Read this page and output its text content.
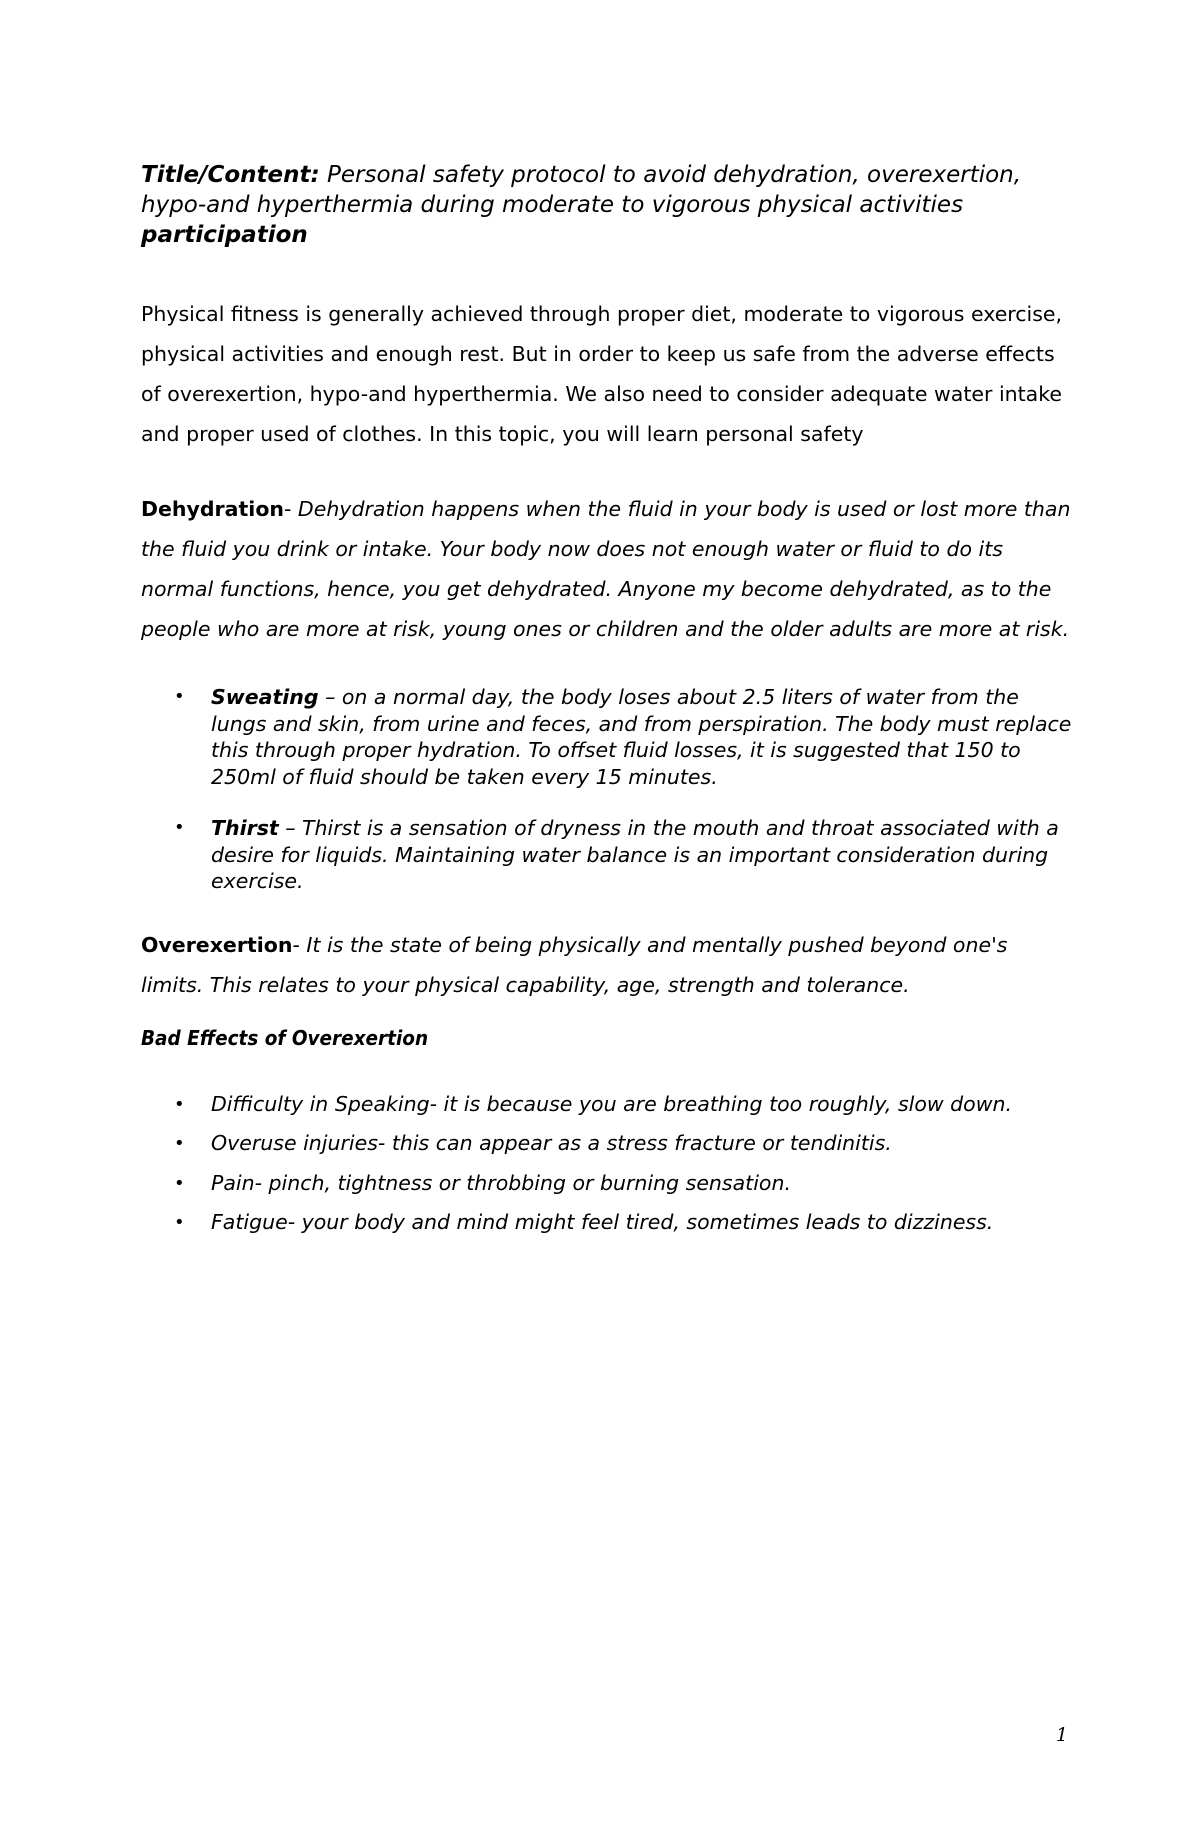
Title/Content: Personal safety protocol to avoid dehydration, overexertion, hypo-and hyperthermia during moderate to vigorous physical activities participation

Physical fitness is generally achieved through proper diet, moderate to vigorous exercise, physical activities and enough rest. But in order to keep us safe from the adverse effects of overexertion, hypo-and hyperthermia. We also need to consider adequate water intake and proper used of clothes. In this topic, you will learn personal safety

Dehydration- Dehydration happens when the fluid in your body is used or lost more than the fluid you drink or intake. Your body now does not enough water or fluid to do its normal functions, hence, you get dehydrated. Anyone my become dehydrated, as to the people who are more at risk, young ones or children and the older adults are more at risk.

• Sweating – on a normal day, the body loses about 2.5 liters of water from the lungs and skin, from urine and feces, and from perspiration. The body must replace this through proper hydration. To offset fluid losses, it is suggested that 150 to 250ml of fluid should be taken every 15 minutes.
• Thirst – Thirst is a sensation of dryness in the mouth and throat associated with a desire for liquids. Maintaining water balance is an important consideration during exercise.

Overexertion- It is the state of being physically and mentally pushed beyond one's limits. This relates to your physical capability, age, strength and tolerance.

Bad Effects of Overexertion

• Difficulty in Speaking- it is because you are breathing too roughly, slow down.
• Overuse injuries- this can appear as a stress fracture or tendinitis.
• Pain- pinch, tightness or throbbing or burning sensation.
• Fatigue- your body and mind might feel tired, sometimes leads to dizziness.
1
